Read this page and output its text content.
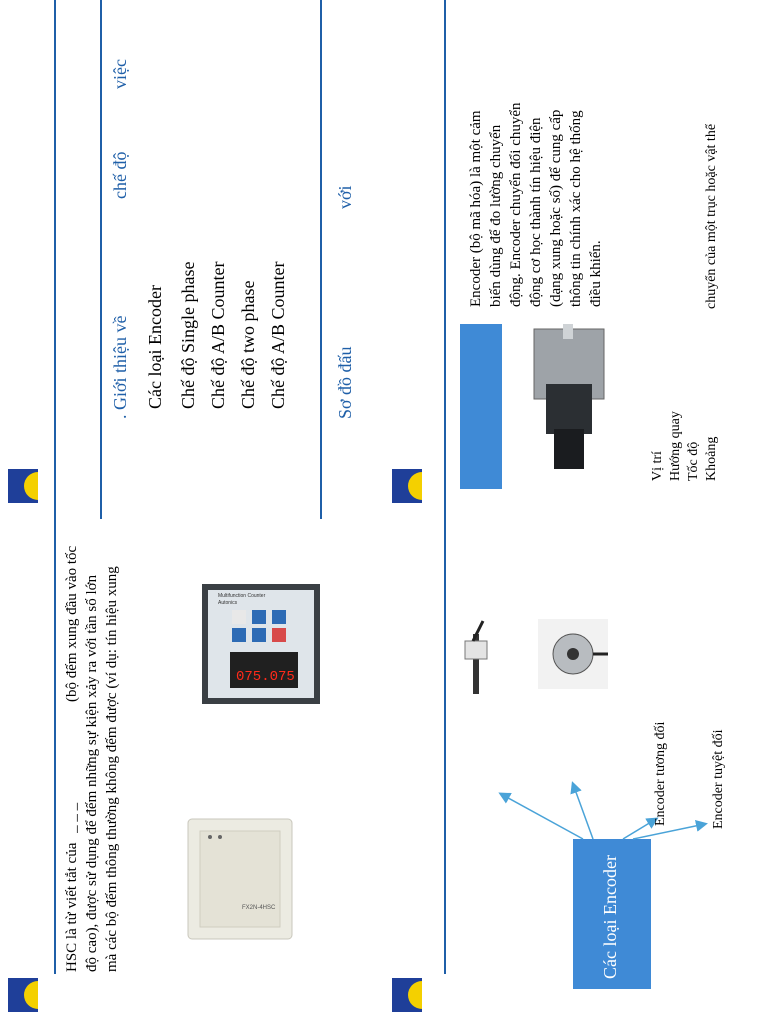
HSC là từ viết tắt của _ _ _
(bộ đếm xung đầu vào tốc độ cao), được sử dụng để đếm những sự kiện xảy ra với tần số lớn mà các bộ đếm thông thường không đếm được (ví dụ: tín hiệu xung	FX2N-4HSC
075.075
Autonics
Multifunction Counter
Các loại Encoder
Encoder tương đối	Encoder tuyệt đối
. Giới thiệu về
chế độ
việc
Các loại Encoder Chế độ Single phase Chế độ A/B Counter Chế độ two phase Chế độ A/B Counter	Sơ đồ đấu
với	Encoder (bộ mã hóa) là một cảm biến dùng để đo lường chuyển động. Encoder chuyển đổi chuyển động cơ học thành tín hiệu điện (dạng xung hoặc số) để cung cấp thông tin chính xác cho hệ thống điều khiển.
Vị trí Hướng quay Tốc độ Khoảng
chuyển của một trục hoặc vật thể
